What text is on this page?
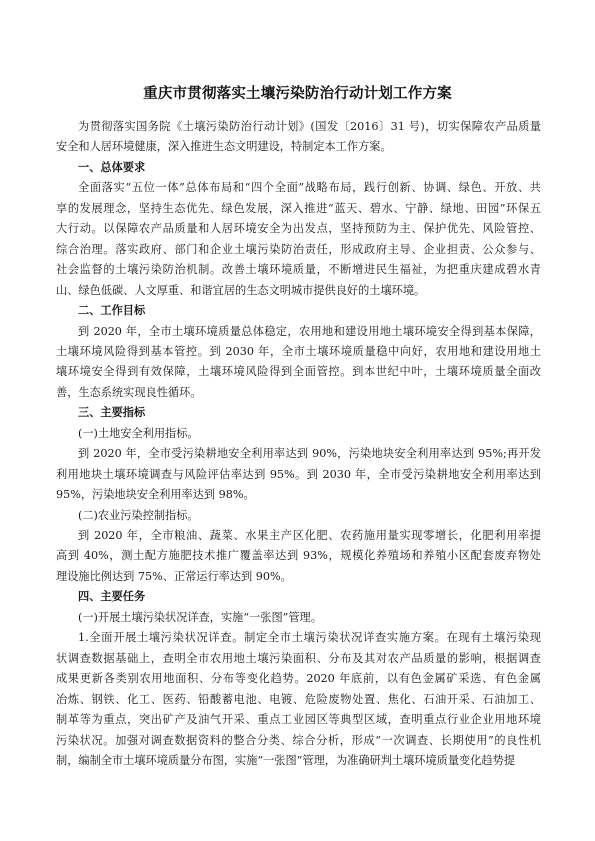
重庆市贯彻落实土壤污染防治行动计划工作方案
为贯彻落实国务院《土壤污染防治行动计划》(国发〔2016〕31 号)，切实保障农产品质量
安全和人居环境健康，深入推进生态文明建设，特制定本工作方案。
一、总体要求
全面落实“五位一体”总体布局和“四个全面”战略布局，践行创新、协调、绿色、开放、共
享的发展理念，坚持生态优先、绿色发展，深入推进“蓝天、碧水、宁静、绿地、田园”环保五
大行动。以保障农产品质量和人居环境安全为出发点，坚持预防为主、保护优先、风险管控、
综合治理。落实政府、部门和企业土壤污染防治责任，形成政府主导、企业担责、公众参与、
社会监督的土壤污染防治机制。改善土壤环境质量，不断增进民生福祉，为把重庆建成碧水青
山、绿色低碳、人文厚重、和谐宜居的生态文明城市提供良好的土壤环境。
二、工作目标
到 2020 年，全市土壤环境质量总体稳定，农用地和建设用地土壤环境安全得到基本保障，
土壤环境风险得到基本管控。到 2030 年，全市土壤环境质量稳中向好，农用地和建设用地土
壤环境安全得到有效保障，土壤环境风险得到全面管控。到本世纪中叶，土壤环境质量全面改
善，生态系统实现良性循环。
三、主要指标
(一)土地安全利用指标。
到 2020 年，全市受污染耕地安全利用率达到 90%，污染地块安全利用率达到 95%;再开发
利用地块土壤环境调查与风险评估率达到 95%。到 2030 年，全市受污染耕地安全利用率达到
95%，污染地块安全利用率达到 98%。
(二)农业污染控制指标。
到 2020 年，全市粮油、蔬菜、水果主产区化肥、农药施用量实现零增长，化肥利用率提
高到 40%，测土配方施肥技术推广覆盖率达到 93%，规模化养殖场和养殖小区配套废弃物处
理设施比例达到 75%、正常运行率达到 90%。
四、主要任务
(一)开展土壤污染状况详查，实施“一张图”管理。
1.全面开展土壤污染状况详查。制定全市土壤污染状况详查实施方案。在现有土壤污染现
状调查数据基础上，查明全市农用地土壤污染面积、分布及其对农产品质量的影响，根据调查
成果更新各类别农用地面积、分布等变化趋势。2020 年底前，以有色金属矿采选、有色金属
冶炼、钢铁、化工、医药、铅酸蓄电池、电镀、危险废物处置、焦化、石油开采、石油加工、
制革等为重点，突出矿产及油气开采、重点工业园区等典型区域，查明重点行业企业用地环境
污染状况。加强对调查数据资料的整合分类、综合分析，形成“一次调查、长期使用”的良性机
制，编制全市土壤环境质量分布图，实施“一张图”管理，为准确研判土壤环境质量变化趋势提
